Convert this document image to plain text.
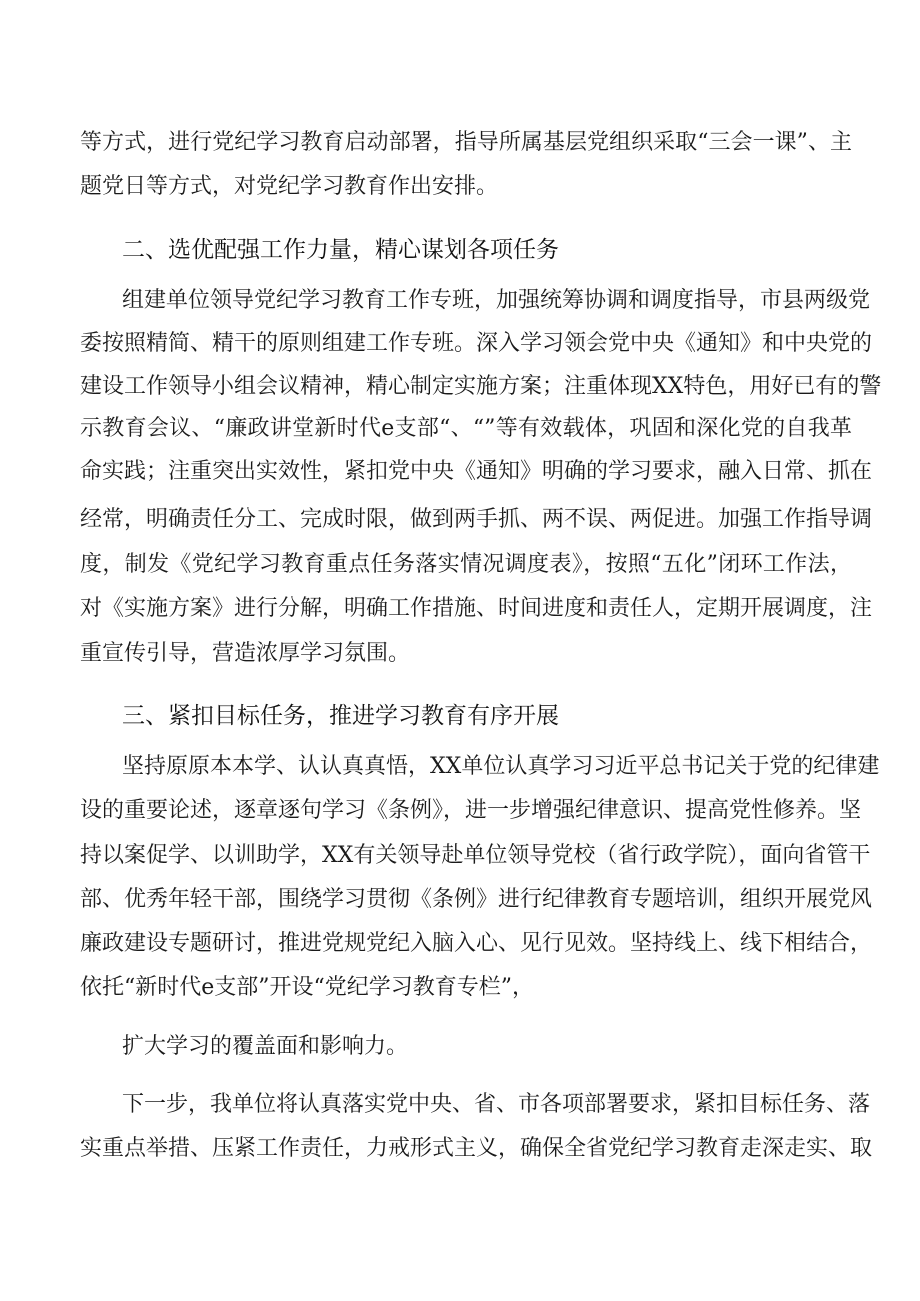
等方式，进行党纪学习教育启动部署，指导所属基层党组织采取“三会一课”、主

题党日等方式，对党纪学习教育作出安排。

二、选优配强工作力量，精心谋划各项任务

组建单位领导党纪学习教育工作专班，加强统筹协调和调度指导，市县两级党

委按照精简、精干的原则组建工作专班。深入学习领会党中央《通知》和中央党的

建设工作领导小组会议精神，精心制定实施方案；注重体现XX特色，用好已有的警

示教育会议、“廉政讲堂新时代e支部“、“”等有效载体，巩固和深化党的自我革

命实践；注重突出实效性，紧扣党中央《通知》明确的学习要求，融入日常、抓在

经常，明确责任分工、完成时限，做到两手抓、两不误、两促进。加强工作指导调

度，制发《党纪学习教育重点任务落实情况调度表》，按照“五化”闭环工作法，

对《实施方案》进行分解，明确工作措施、时间进度和责任人，定期开展调度，注

重宣传引导，营造浓厚学习氛围。

三、紧扣目标任务，推进学习教育有序开展

坚持原原本本学、认认真真悟，XX单位认真学习习近平总书记关于党的纪律建

设的重要论述，逐章逐句学习《条例》，进一步增强纪律意识、提高党性修养。坚

持以案促学、以训助学，XX有关领导赴单位领导党校（省行政学院），面向省管干

部、优秀年轻干部，围绕学习贯彻《条例》进行纪律教育专题培训，组织开展党风

廉政建设专题研讨，推进党规党纪入脑入心、见行见效。坚持线上、线下相结合，

依托“新时代e支部”开设“党纪学习教育专栏”，

扩大学习的覆盖面和影响力。

下一步，我单位将认真落实党中央、省、市各项部署要求，紧扣目标任务、落

实重点举措、压紧工作责任，力戒形式主义，确保全省党纪学习教育走深走实、取
